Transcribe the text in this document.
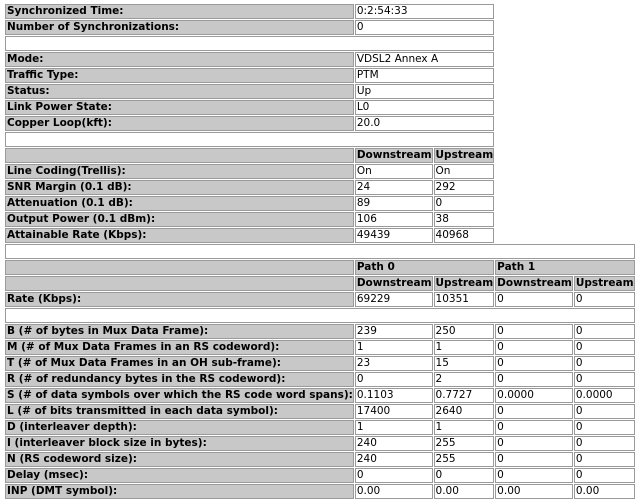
Synchronized Time:	0:2:54:33			
Number of Synchronizations:	0			

Mode:	VDSL2 Annex A			
Traffic Type:	PTM			
Status:	Up			
Link Power State:	L0			
Copper Loop(kft):	20.0			

	Downstream	Upstream		
Line Coding(Trellis):	On	On		
SNR Margin (0.1 dB):	24	292		
Attenuation (0.1 dB):	89	0		
Output Power (0.1 dBm):	106	38		
Attainable Rate (Kbps):	49439	40968		

	Path 0		Path 1	
	Downstream	Upstream	Downstream	Upstream
Rate (Kbps):	69229	10351	0	0

B (# of bytes in Mux Data Frame):	239	250	0	0
M (# of Mux Data Frames in an RS codeword):	1	1	0	0
T (# of Mux Data Frames in an OH sub-frame):	23	15	0	0
R (# of redundancy bytes in the RS codeword):	0	2	0	0
S (# of data symbols over which the RS code word spans):	0.1103	0.7727	0.0000	0.0000
L (# of bits transmitted in each data symbol):	17400	2640	0	0
D (interleaver depth):	1	1	0	0
I (interleaver block size in bytes):	240	255	0	0
N (RS codeword size):	240	255	0	0
Delay (msec):	0	0	0	0
INP (DMT symbol):	0.00	0.00	0.00	0.00
